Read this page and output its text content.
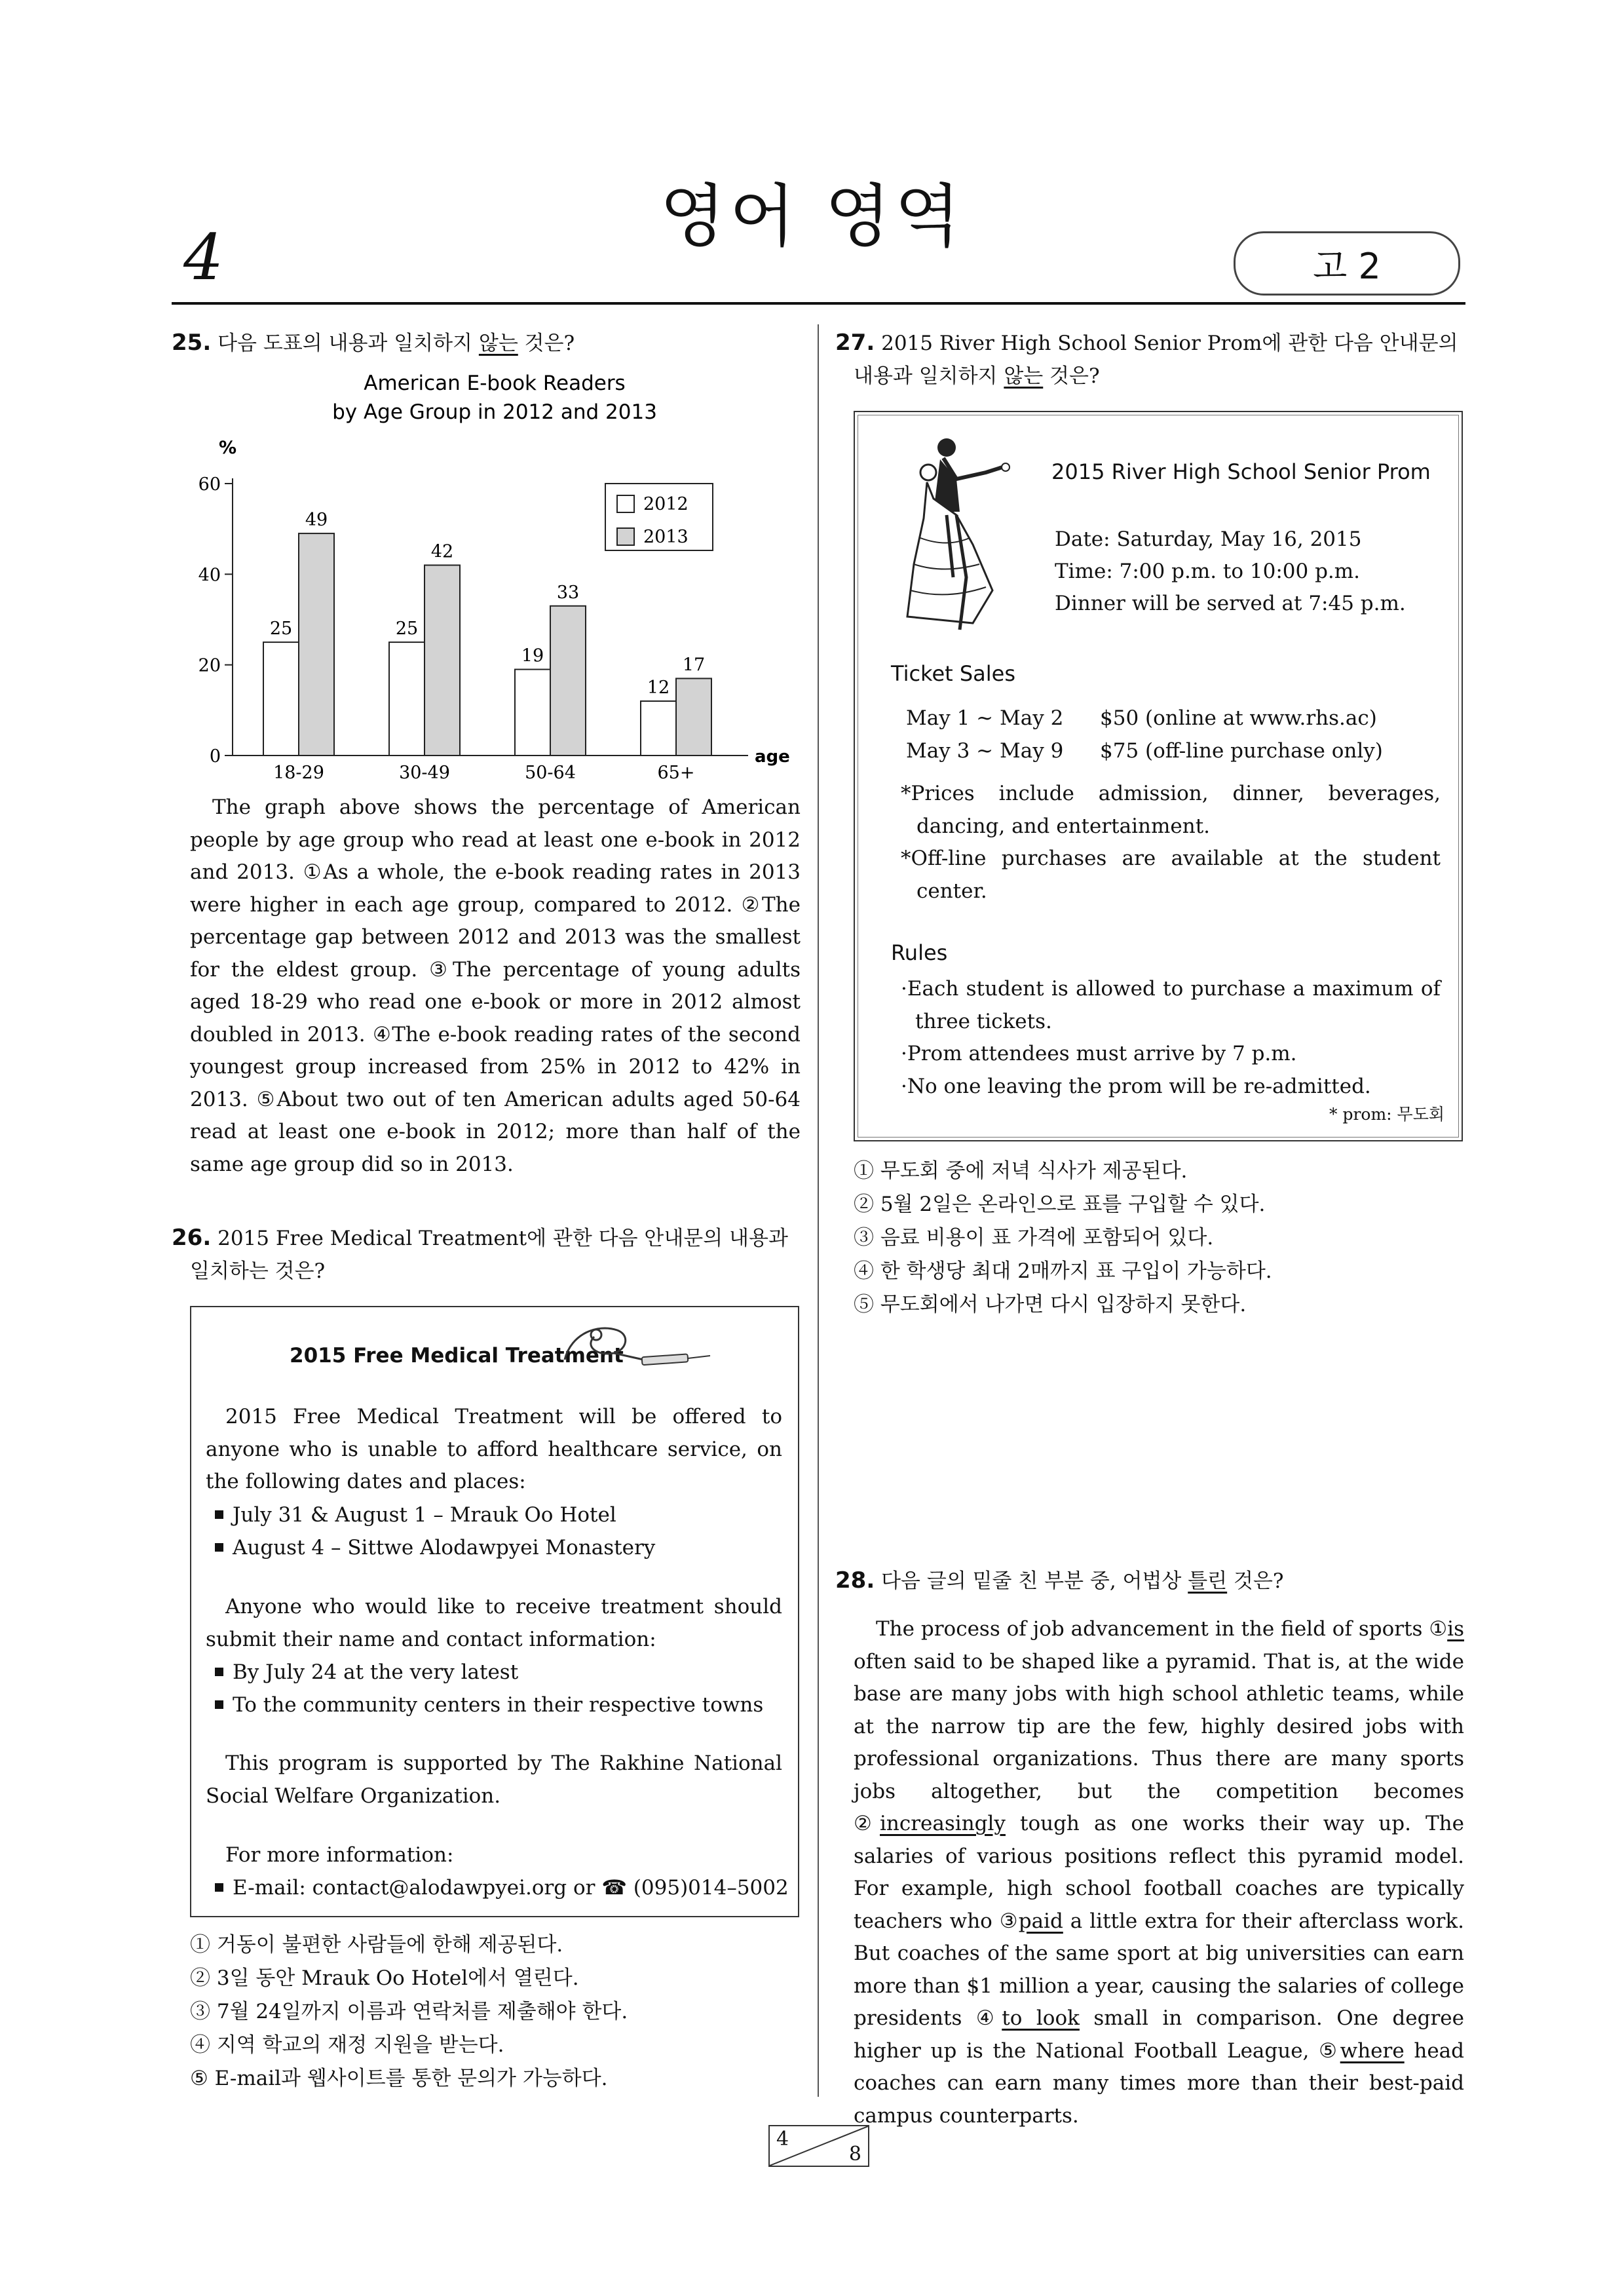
4
영어 영역
고 2
25. 다음 도표의 내용과 일치하지 않는 것은?
American E-book Readers
by Age Group in 2012 and 2013
%
0
20
40
60
age
25
49
18-29
25
42
30-49
19
33
50-64
12
17
65+
2012
2013
The graph above shows the percentage of American people by age group who read at least one e-book in 2012 and 2013. ①As a whole, the e-book reading rates in 2013 were higher in each age group, compared to 2012. ②The percentage gap between 2012 and 2013 was the smallest for the eldest group. ③The percentage of young adults aged 18-29 who read one e-book or more in 2012 almost doubled in 2013. ④The e-book reading rates of the second youngest group increased from 25% in 2012 to 42% in 2013. ⑤About two out of ten American adults aged 50-64 read at least one e-book in 2012; more than half of the same age group did so in 2013.
26. 2015 Free Medical Treatment에 관한 다음 안내문의 내용과
일치하는 것은?
2015 Free Medical Treatment
2015 Free Medical Treatment will be offered to anyone who is unable to afford healthcare service, on the following dates and places:
July 31 & August 1 – Mrauk Oo Hotel
August 4 – Sittwe Alodawpyei Monastery
Anyone who would like to receive treatment should submit their name and contact information:
By July 24 at the very latest
To the community centers in their respective towns
This program is supported by The Rakhine National Social Welfare Organization.
For more information:
E-mail: contact@alodawpyei.org or ☎ (095)014–5002
① 거동이 불편한 사람들에 한해 제공된다.
② 3일 동안 Mrauk Oo Hotel에서 열린다.
③ 7월 24일까지 이름과 연락처를 제출해야 한다.
④ 지역 학교의 재정 지원을 받는다.
⑤ E-mail과 웹사이트를 통한 문의가 가능하다.
27. 2015 River High School Senior Prom에 관한 다음 안내문의
내용과 일치하지 않는 것은?
2015 River High School Senior Prom
Date: Saturday, May 16, 2015
Time: 7:00 p.m. to 10:00 p.m.
Dinner will be served at 7:45 p.m.
Ticket Sales
May 1 ~ May 2 $50 (online at www.rhs.ac)
May 3 ~ May 9 $75 (off-line purchase only)
*Prices include admission, dinner, beverages, dancing, and entertainment.
*Off-line purchases are available at the student center.
Rules
·Each student is allowed to purchase a maximum of three tickets.
·Prom attendees must arrive by 7 p.m.
·No one leaving the prom will be re-admitted.
* prom: 무도회
① 무도회 중에 저녁 식사가 제공된다.
② 5월 2일은 온라인으로 표를 구입할 수 있다.
③ 음료 비용이 표 가격에 포함되어 있다.
④ 한 학생당 최대 2매까지 표 구입이 가능하다.
⑤ 무도회에서 나가면 다시 입장하지 못한다.
28. 다음 글의 밑줄 친 부분 중, 어법상 틀린 것은?
The process of job advancement in the field of sports ①is often said to be shaped like a pyramid. That is, at the wide base are many jobs with high school athletic teams, while at the narrow tip are the few, highly desired jobs with professional organizations. Thus there are many sports jobs altogether, but the competition becomes ②increasingly tough as one works their way up. The salaries of various positions reflect this pyramid model. For example, high school football coaches are typically teachers who ③paid a little extra for their afterclass work. But coaches of the same sport at big universities can earn more than $1 million a year, causing the salaries of college presidents ④to look small in comparison. One degree higher up is the National Football League, ⑤where head coaches can earn many times more than their best-paid campus counterparts.
4
8
